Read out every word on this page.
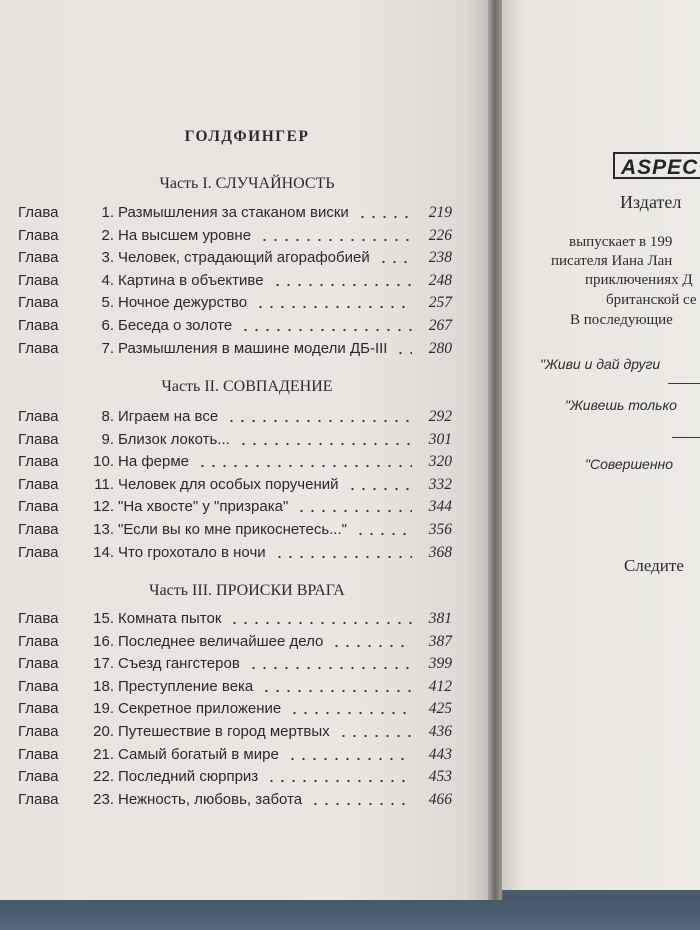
ГОЛДФИНГЕР
Часть I. СЛУЧАЙНОСТЬ
Часть II. СОВПАДЕНИЕ
Часть III. ПРОИСКИ ВРАГА
Глава	1. Размышления за стаканом виски	219
Глава	2. На высшем уровне	226
Глава	3. Человек, страдающий агорафобией	238
Глава	4. Картина в объективе	248
Глава	5. Ночное дежурство	257
Глава	6. Беседа о золоте	267
Глава	7. Размышления в машине модели ДБ-III	280
Глава	8. Играем на все	292
Глава	9. Близок локоть...	301
Глава	10. На ферме	320
Глава	11. Человек для особых поручений	332
Глава	12. "На хвосте" у "призрака"	344
Глава	13. "Если вы ко мне прикоснетесь..."	356
Глава	14. Что грохотало в ночи	368
Глава	15. Комната пыток	381
Глава	16. Последнее величайшее дело	387
Глава	17. Съезд гангстеров	399
Глава	18. Преступление века	412
Глава	19. Секретное приложение	425
Глава	20. Путешествие в город мертвых	436
Глава	21. Самый богатый в мире	443
Глава	22. Последний сюрприз	453
Глава	23. Нежность, любовь, забота	466
ASPEC
Издател
выпускает в 199
писателя Иана Лан
приключениях Д
британской се
В последующие
"Живи и дай други
"Живешь только
"Совершенно
Следите
